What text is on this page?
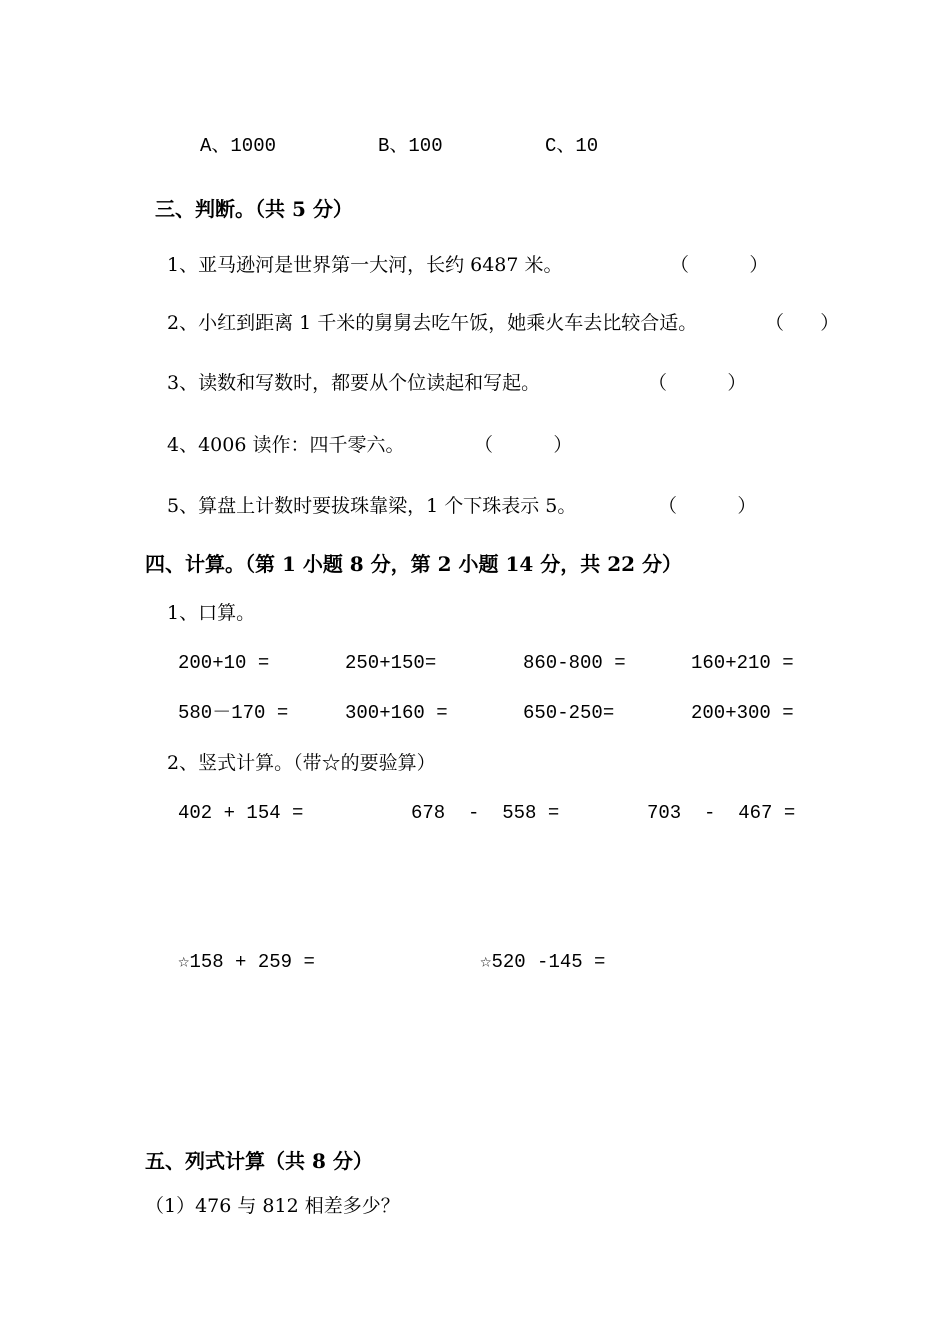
A、1000	B、100	C、10
三、判断。（共 5 分）
1、亚马逊河是世界第一大河，长约 6487 米。	（          ）
2、小红到距离 1 千米的舅舅去吃午饭，她乘火车去比较合适。	（      ）
3、读数和写数时，都要从个位读起和写起。	（          ）
4、4006 读作：四千零六。	（          ）
5、算盘上计数时要拔珠靠梁，1 个下珠表示 5。	（          ）
四、计算。（第 1 小题 8 分，第 2 小题 14 分，共 22 分）
1、口算。
200+10 =	250+150=	860-800 =	160+210 =
580－170 =	300+160 =	650-250=	200+300 =
2、竖式计算。（带☆的要验算）
402 + 154 =	678  -  558 =	703  -  467 =
☆158 + 259 =	☆520 -145 =
五、列式计算（共 8 分）
（1）476 与 812 相差多少？
